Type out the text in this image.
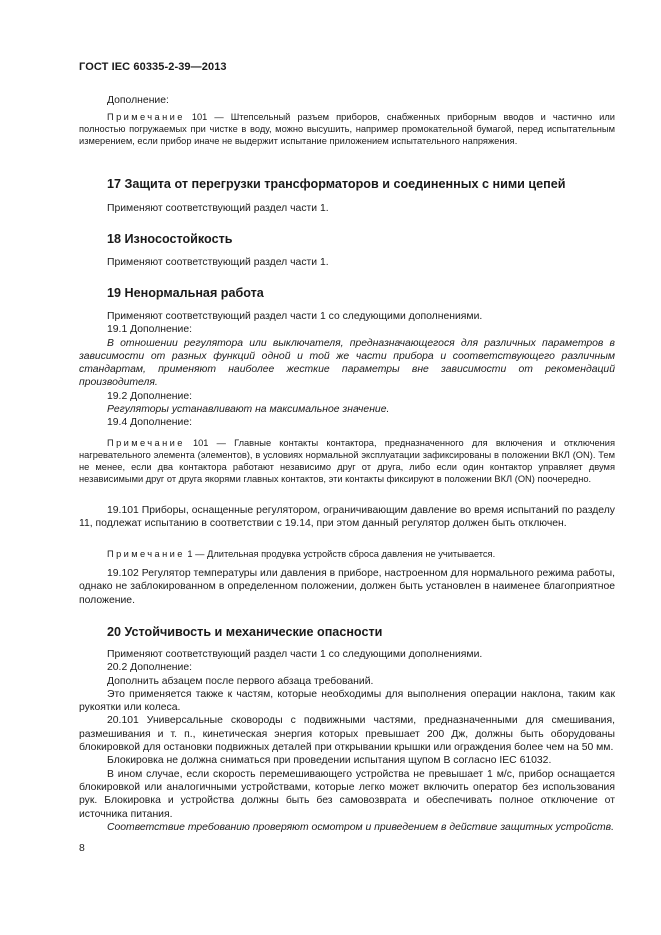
ГОСТ IEC 60335-2-39—2013

Дополнение:

Примечание 101 — Штепсельный разъем приборов, снабженных приборным вводов и частично или полностью погружаемых при чистке в воду, можно высушить, например промокательной бумагой, перед испытательным измерением, если прибор иначе не выдержит испытание приложением испытательного напряжения.

17 Защита от перегрузки трансформаторов и соединенных с ними цепей

Применяют соответствующий раздел части 1.

18 Износостойкость

Применяют соответствующий раздел части 1.

19 Ненормальная работа

Применяют соответствующий раздел части 1 со следующими дополнениями.

19.1 Дополнение:

В отношении регулятора или выключателя, предназначающегося для различных параметров в зависимости от разных функций одной и той же части прибора и соответствующего различным стандартам, применяют наиболее жесткие параметры вне зависимости от рекомендаций производителя.

19.2 Дополнение:

Регуляторы устанавливают на максимальное значение.

19.4 Дополнение:

Примечание 101 — Главные контакты контактора, предназначенного для включения и отключения нагревательного элемента (элементов), в условиях нормальной эксплуатации зафиксированы в положении ВКЛ (ON). Тем не менее, если два контактора работают независимо друг от друга, либо если один контактор управляет двумя независимыми друг от друга якорями главных контактов, эти контакты фиксируют в положении ВКЛ (ON) поочередно.

19.101 Приборы, оснащенные регулятором, ограничивающим давление во время испытаний по разделу 11, подлежат испытанию в соответствии с 19.14, при этом данный регулятор должен быть отключен.

Примечание 1 — Длительная продувка устройств сброса давления не учитывается.

19.102 Регулятор температуры или давления в приборе, настроенном для нормального режима работы, однако не заблокированном в определенном положении, должен быть установлен в наименее благоприятное положение.

20 Устойчивость и механические опасности

Применяют соответствующий раздел части 1 со следующими дополнениями.

20.2 Дополнение:

Дополнить абзацем после первого абзаца требований.

Это применяется также к частям, которые необходимы для выполнения операции наклона, таким как рукоятки или колеса.

20.101 Универсальные сковороды с подвижными частями, предназначенными для смешивания, размешивания и т. п., кинетическая энергия которых превышает 200 Дж, должны быть оборудованы блокировкой для остановки подвижных деталей при открывании крышки или ограждения более чем на 50 мм.

Блокировка не должна сниматься при проведении испытания щупом B согласно IEC 61032.

В ином случае, если скорость перемешивающего устройства не превышает 1 м/с, прибор оснащается блокировкой или аналогичными устройствами, которые легко может включить оператор без использования рук. Блокировка и устройства должны быть без самовозврата и обеспечивать полное отключение от источника питания.

Соответствие требованию проверяют осмотром и приведением в действие защитных устройств.

8
